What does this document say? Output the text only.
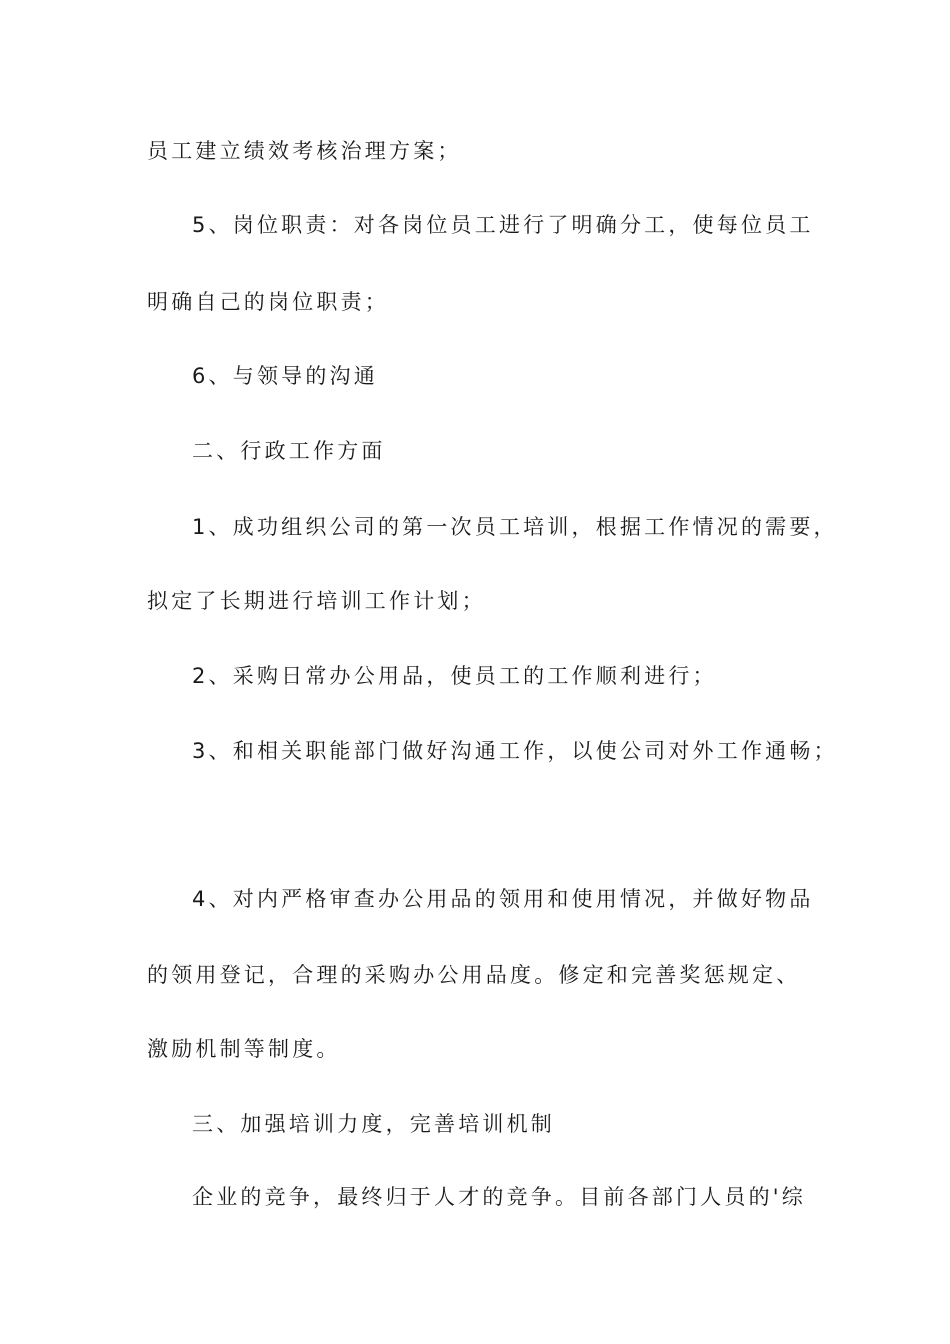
员工建立绩效考核治理方案；
5、岗位职责：对各岗位员工进行了明确分工，使每位员工
明确自己的岗位职责；
6、与领导的沟通
二、行政工作方面
1、成功组织公司的第一次员工培训，根据工作情况的需要，
拟定了长期进行培训工作计划；
2、采购日常办公用品，使员工的工作顺利进行；
3、和相关职能部门做好沟通工作，以使公司对外工作通畅；
4、对内严格审查办公用品的领用和使用情况，并做好物品
的领用登记，合理的采购办公用品度。修定和完善奖惩规定、
激励机制等制度。
三、加强培训力度，完善培训机制
企业的竞争，最终归于人才的竞争。目前各部门人员的'综
